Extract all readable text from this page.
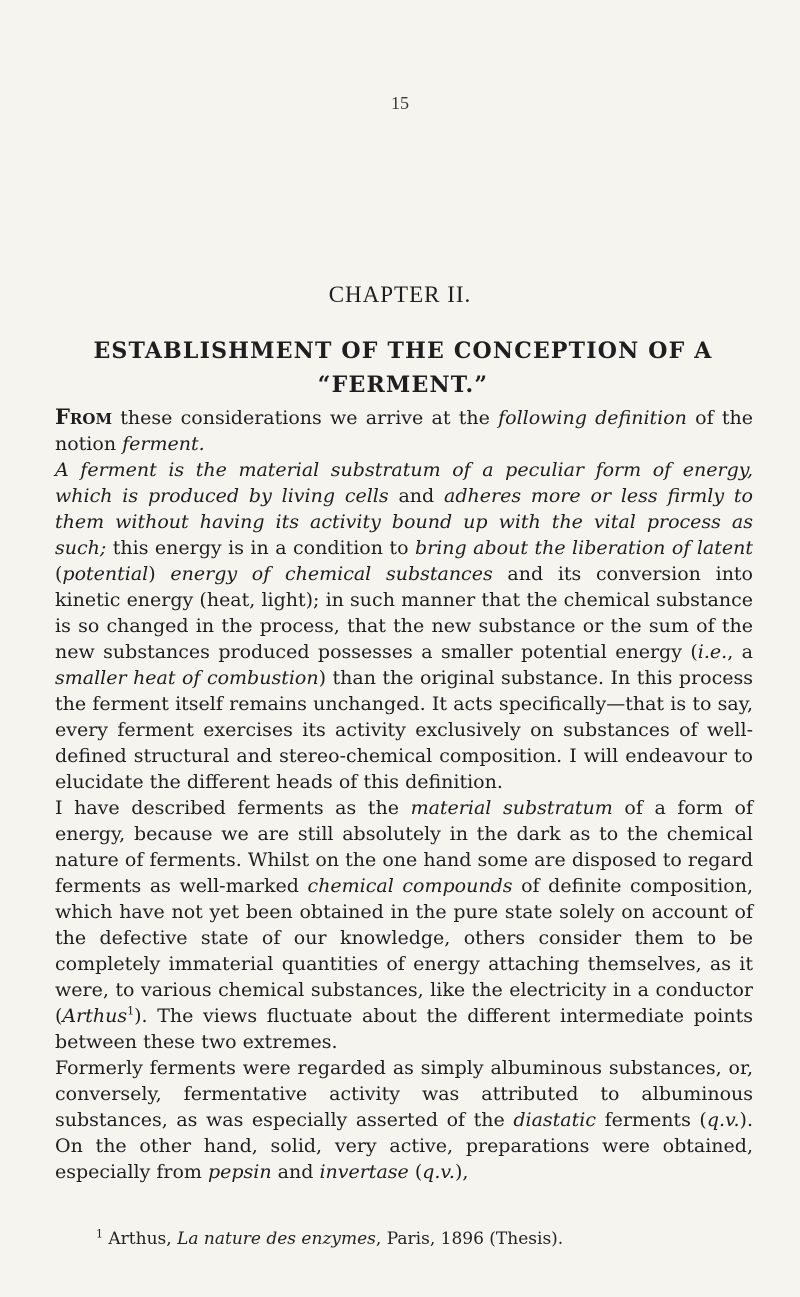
15
CHAPTER II.
ESTABLISHMENT OF THE CONCEPTION OF A “FERMENT.”

From these considerations we arrive at the following definition of the notion ferment.

A ferment is the material substratum of a peculiar form of energy, which is produced by living cells and adheres more or less firmly to them without having its activity bound up with the vital process as such; this energy is in a condition to bring about the liberation of latent (potential) energy of chemical substances and its conversion into kinetic energy (heat, light); in such manner that the chemical substance is so changed in the process, that the new substance or the sum of the new substances produced possesses a smaller potential energy (i.e., a smaller heat of combustion) than the original substance. In this process the ferment itself remains unchanged. It acts specifically—that is to say, every ferment exercises its activity exclusively on substances of well-defined structural and stereo-chemical composition. I will endeavour to elucidate the different heads of this definition.

I have described ferments as the material substratum of a form of energy, because we are still absolutely in the dark as to the chemical nature of ferments. Whilst on the one hand some are disposed to regard ferments as well-marked chemical compounds of definite composition, which have not yet been obtained in the pure state solely on account of the defective state of our knowledge, others consider them to be completely immaterial quantities of energy attaching themselves, as it were, to various chemical substances, like the electricity in a conductor (Arthus$^1$). The views fluctuate about the different intermediate points between these two extremes.

Formerly ferments were regarded as simply albuminous substances, or, conversely, fermentative activity was attributed to albuminous substances, as was especially asserted of the diastatic ferments (q.v.). On the other hand, solid, very active, preparations were obtained, especially from pepsin and invertase (q.v.),

$^1$ Arthus, La nature des enzymes, Paris, 1896 (Thesis).
